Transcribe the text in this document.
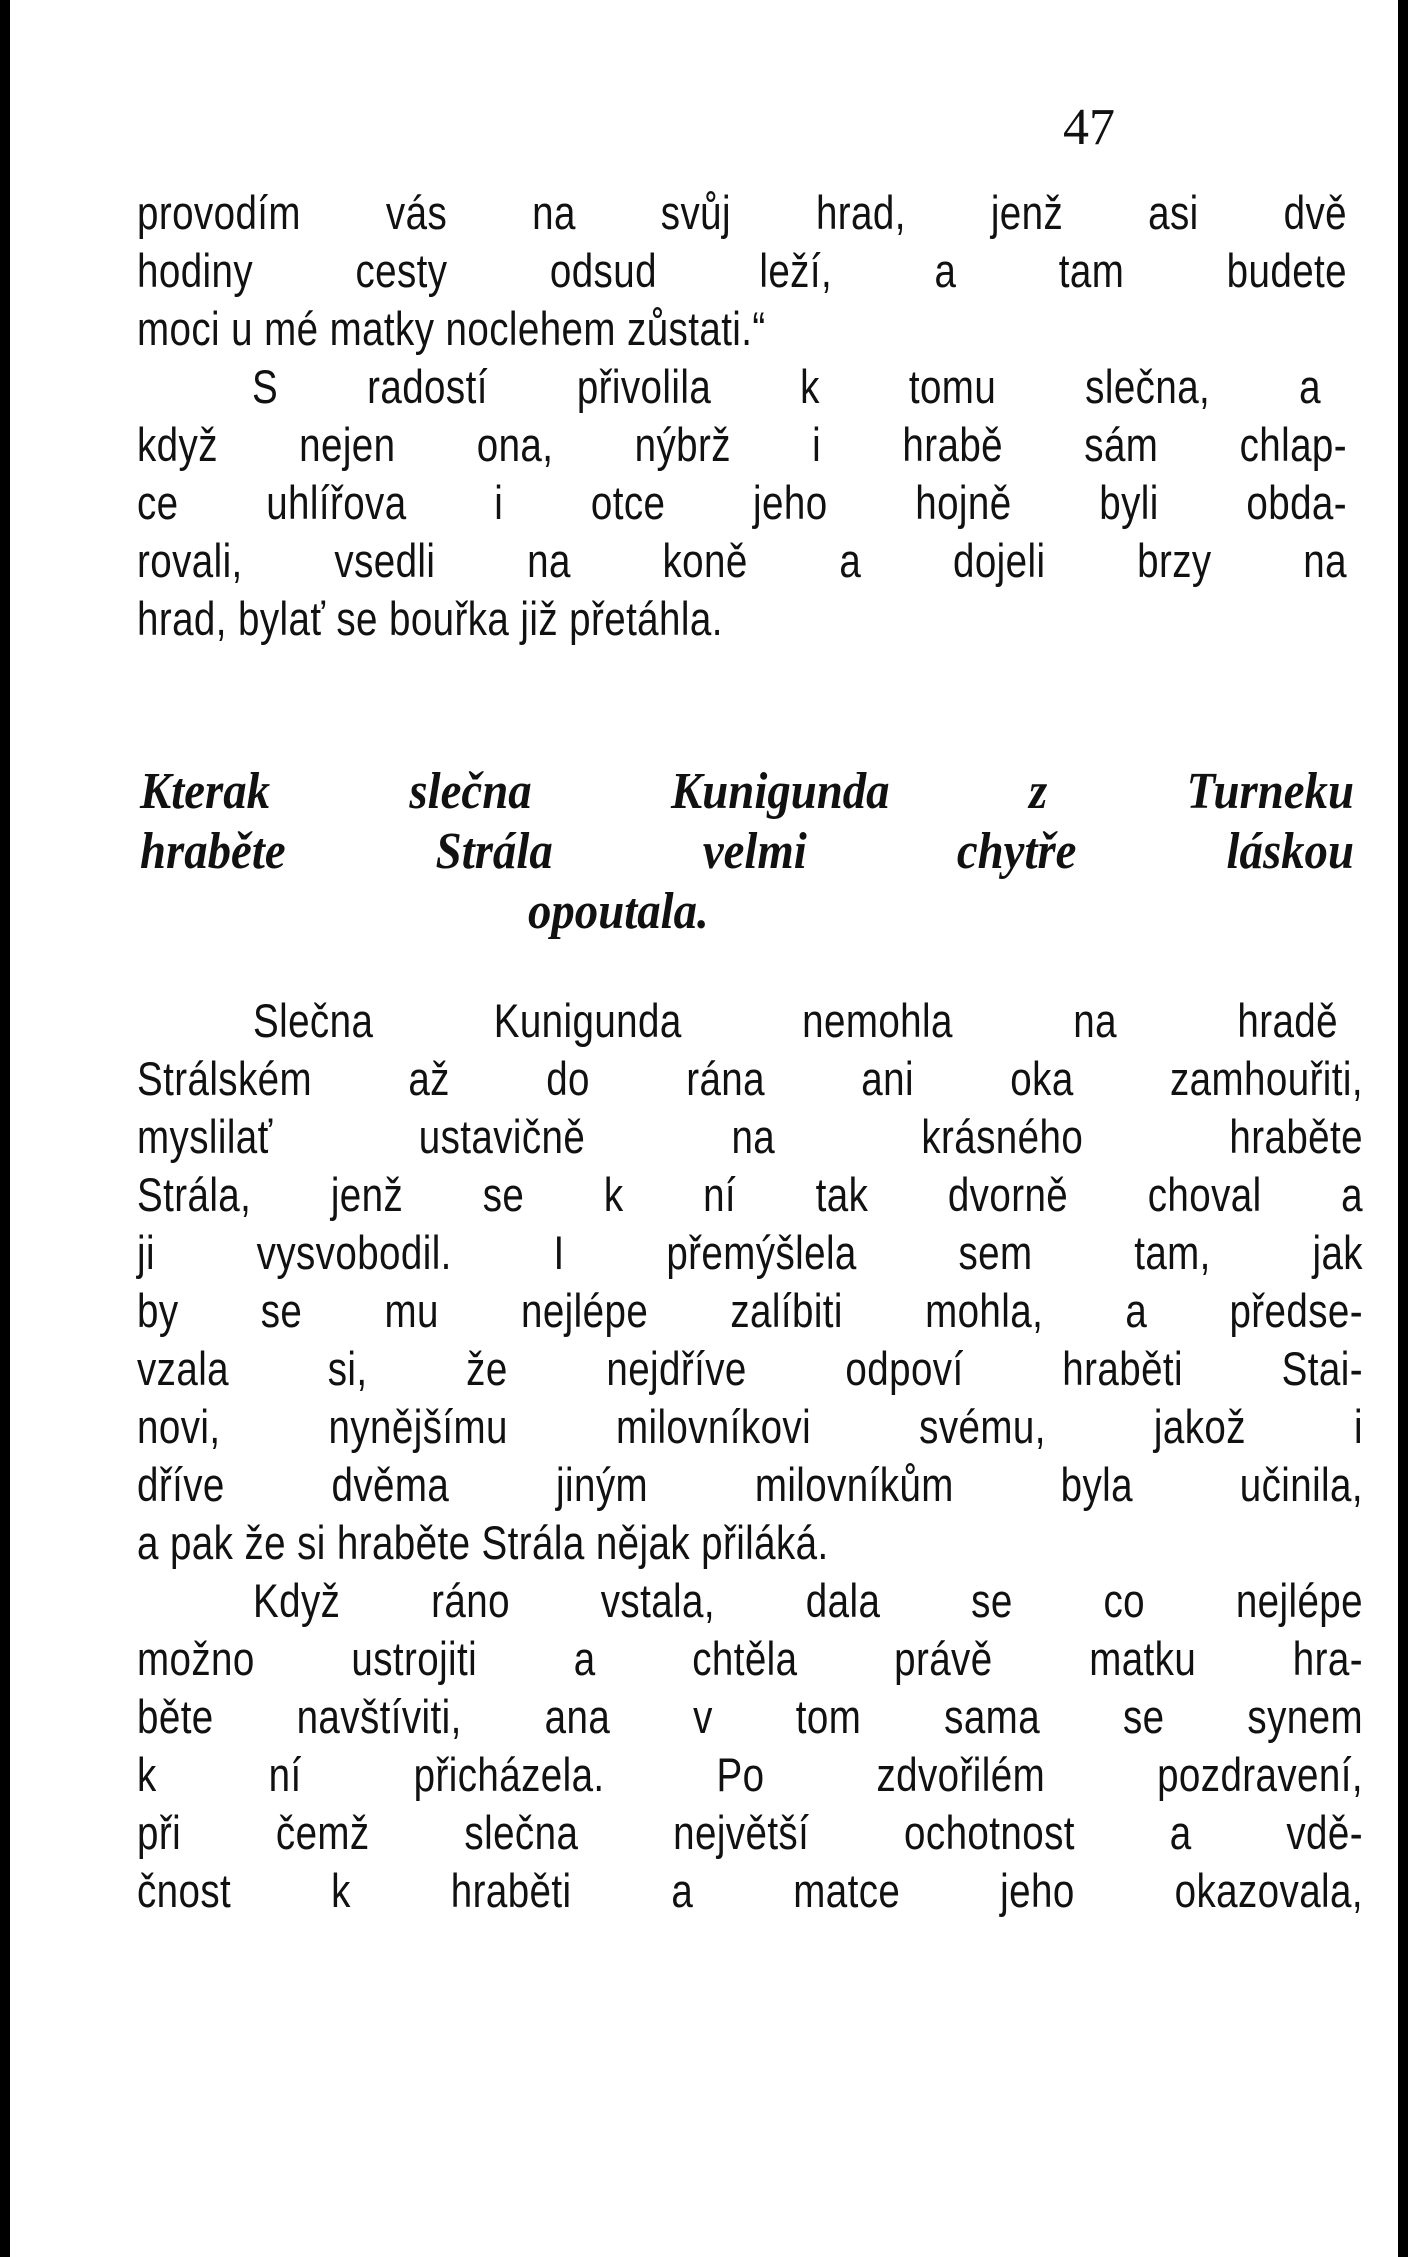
47
provodím vás na svůj hrad, jenž asi dvě
hodiny cesty odsud leží, a tam budete
moci u mé matky noclehem zůstati.“
S radostí přivolila k tomu slečna, a
když nejen ona, nýbrž i hrabě sám chlap-
ce uhlířova i otce jeho hojně byli obda-
rovali, vsedli na koně a dojeli brzy na
hrad, bylať se bouřka již přetáhla.
Kterak slečna Kunigunda z Turneku
hraběte Strála velmi chytře láskou
opoutala.
Slečna Kunigunda nemohla na hradě
Strálském až do rána ani oka zamhouřiti,
myslilať ustavičně na krásného hraběte
Strála, jenž se k ní tak dvorně choval a
ji vysvobodil. I přemýšlela sem tam, jak
by se mu nejlépe zalíbiti mohla, a předse-
vzala si, že nejdříve odpoví hraběti Stai-
novi, nynějšímu milovníkovi svému, jakož i
dříve dvěma jiným milovníkům byla učinila,
a pak že si hraběte Strála nějak přiláká.
Když ráno vstala, dala se co nejlépe
možno ustrojiti a chtěla právě matku hra-
běte navštíviti, ana v tom sama se synem
k ní přicházela. Po zdvořilém pozdravení,
při čemž slečna největší ochotnost a vdě-
čnost k hraběti a matce jeho okazovala,
